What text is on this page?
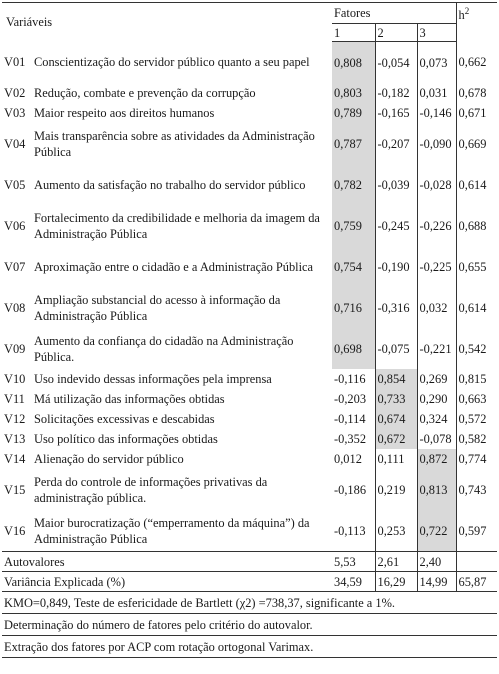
Variáveis		Fatores			$h^2$
		1	2	3	
V01	Conscientização do servidor público quanto a seu papel	0,808	-0,054	0,073	0,662
V02	Redução, combate e prevenção da corrupção	0,803	-0,182	0,031	0,678
V03	Maior respeito aos direitos humanos	0,789	-0,165	-0,146	0,671
V04	Mais transparência sobre as atividades da Administração Pública	0,787	-0,207	-0,090	0,669
V05	Aumento da satisfação no trabalho do servidor público	0,782	-0,039	-0,028	0,614
V06	Fortalecimento da credibilidade e melhoria da imagem da Administração Pública	0,759	-0,245	-0,226	0,688
V07	Aproximação entre o cidadão e a Administração Pública	0,754	-0,190	-0,225	0,655
V08	Ampliação substancial do acesso à informação da Administração Pública	0,716	-0,316	0,032	0,614
V09	Aumento da confiança do cidadão na Administração Pública.	0,698	-0,075	-0,221	0,542
V10	Uso indevido dessas informações pela imprensa	-0,116	0,854	0,269	0,815
V11	Má utilização das informações obtidas	-0,203	0,733	0,290	0,663
V12	Solicitações excessivas e descabidas	-0,114	0,674	0,324	0,572
V13	Uso político das informações obtidas	-0,352	0,672	-0,078	0,582
V14	Alienação do servidor público	0,012	0,111	0,872	0,774
V15	Perda do controle de informações privativas da administração pública.	-0,186	0,219	0,813	0,743
V16	Maior burocratização (“emperramento da máquina”) da Administração Pública	-0,113	0,253	0,722	0,597
Autovalores		5,53	2,61	2,40	
Variância Explicada (%)		34,59	16,29	14,99	65,87
KMO=0,849, Teste de esfericidade de Bartlett (χ2) =738,37, significante a 1%.					
Determinação do número de fatores pelo critério do autovalor.					
Extração dos fatores por ACP com rotação ortogonal Varimax.					
